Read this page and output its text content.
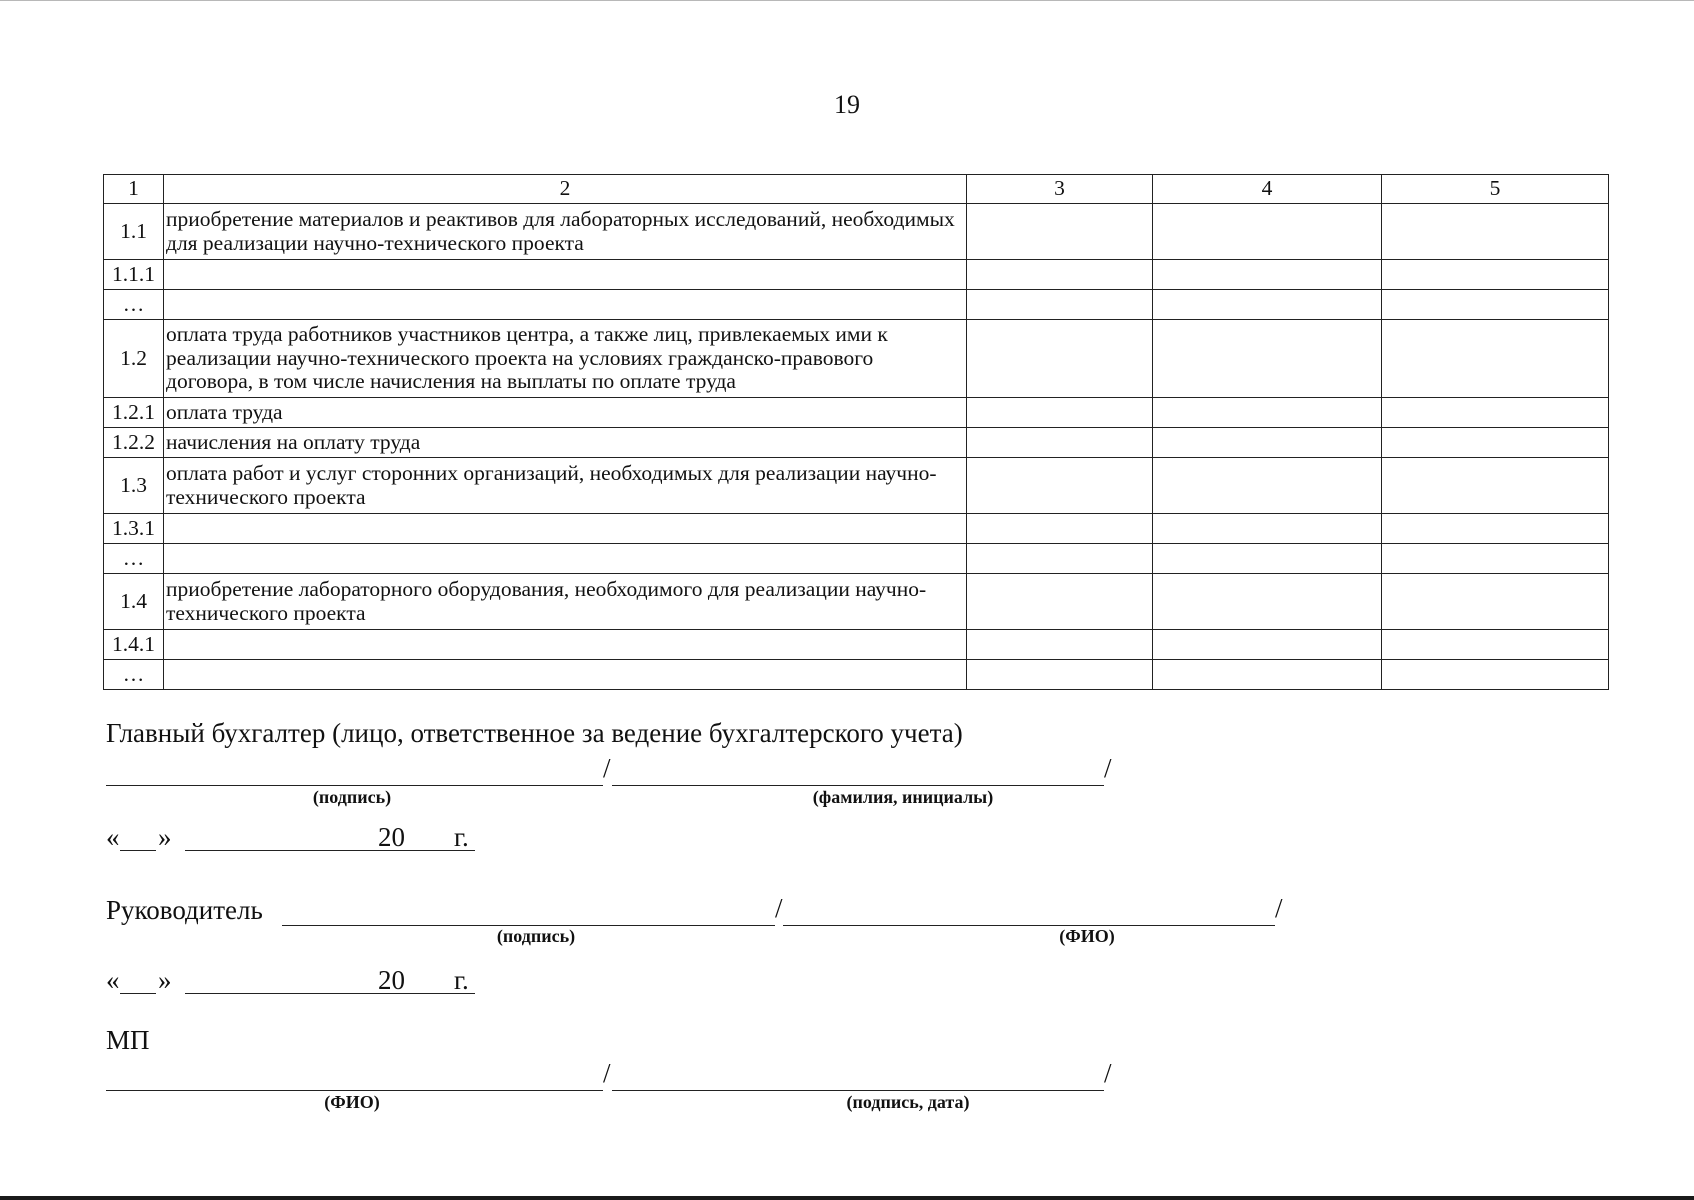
19
1	2	3	4	5
1.1	приобретение материалов и реактивов для лабораторных исследований, необходимых для реализации научно-технического проекта			
1.1.1				
…				
1.2	оплата труда работников участников центра, а также лиц, привлекаемых ими к реализации научно-технического проекта на условиях гражданско-правового договора, в том числе начисления на выплаты по оплате труда			
1.2.1	оплата труда			
1.2.2	начисления на оплату труда			
1.3	оплата работ и услуг сторонних организаций, необходимых для реализации научно-технического проекта			
1.3.1				
…				
1.4	приобретение лабораторного оборудования, необходимого для реализации научно-технического проекта			
1.4.1				
…				
Главный бухгалтер (лицо, ответственное за ведение бухгалтерского учета)
/	/
(подпись)	(фамилия, инициалы)
« »	20 г.
Руководитель	/	/
(подпись)	(ФИО)
« »	20 г.
МП
/	/
(ФИО)	(подпись, дата)
